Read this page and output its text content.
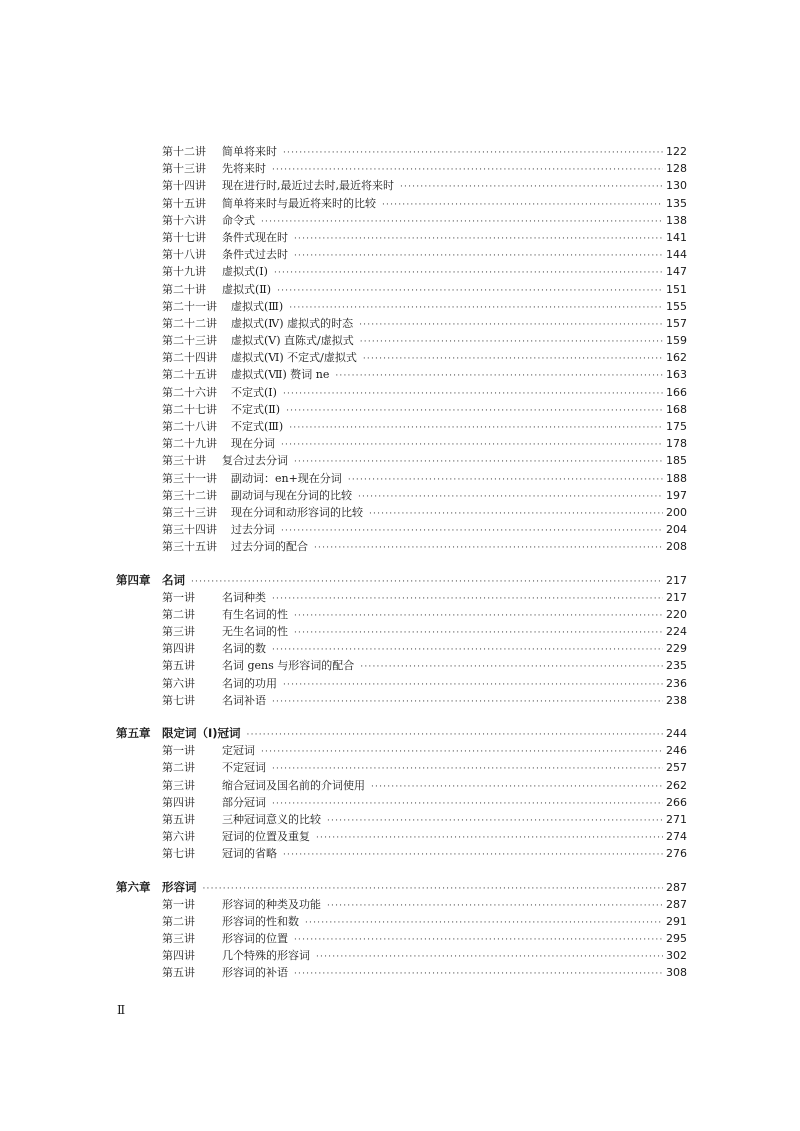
第十二讲 简单将来时 ·····	122
第十三讲 先将来时 ·····	128
第十四讲 现在进行时,最近过去时,最近将来时 ·····	130
第十五讲 简单将来时与最近将来时的比较 ·····	135
第十六讲 命令式 ·····	138
第十七讲 条件式现在时 ·····	141
第十八讲 条件式过去时 ·····	144
第十九讲 虚拟式(Ⅰ) ·····	147
第二十讲 虚拟式(Ⅱ) ·····	151
第二十一讲 虚拟式(Ⅲ) ·····	155
第二十二讲 虚拟式(Ⅳ) 虚拟式的时态 ·····	157
第二十三讲 虚拟式(Ⅴ) 直陈式/虚拟式 ·····	159
第二十四讲 虚拟式(Ⅵ) 不定式/虚拟式 ·····	162
第二十五讲 虚拟式(Ⅶ) 赘词 ne ·····	163
第二十六讲 不定式(Ⅰ) ·····	166
第二十七讲 不定式(Ⅱ) ·····	168
第二十八讲 不定式(Ⅲ) ·····	175
第二十九讲 现在分词 ·····	178
第三十讲 复合过去分词 ·····	185
第三十一讲 副动词：en+现在分词 ·····	188
第三十二讲 副动词与现在分词的比较 ·····	197
第三十三讲 现在分词和动形容词的比较 ·····	200
第三十四讲 过去分词 ·····	204
第三十五讲 过去分词的配合 ·····	208
第四章 名词 ·····	217
第一讲 名词种类 ·····	217
第二讲 有生名词的性 ·····	220
第三讲 无生名词的性 ·····	224
第四讲 名词的数 ·····	229
第五讲 名词 gens 与形容词的配合 ·····	235
第六讲 名词的功用 ·····	236
第七讲 名词补语 ·····	238
第五章 限定词（Ⅰ)冠词 ·····	244
第一讲 定冠词 ·····	246
第二讲 不定冠词 ·····	257
第三讲 缩合冠词及国名前的介词使用 ·····	262
第四讲 部分冠词 ·····	266
第五讲 三种冠词意义的比较 ·····	271
第六讲 冠词的位置及重复 ·····	274
第七讲 冠词的省略 ·····	276
第六章 形容词 ·····	287
第一讲 形容词的种类及功能 ·····	287
第二讲 形容词的性和数 ·····	291
第三讲 形容词的位置 ·····	295
第四讲 几个特殊的形容词 ·····	302
第五讲 形容词的补语 ·····	308
Ⅱ
